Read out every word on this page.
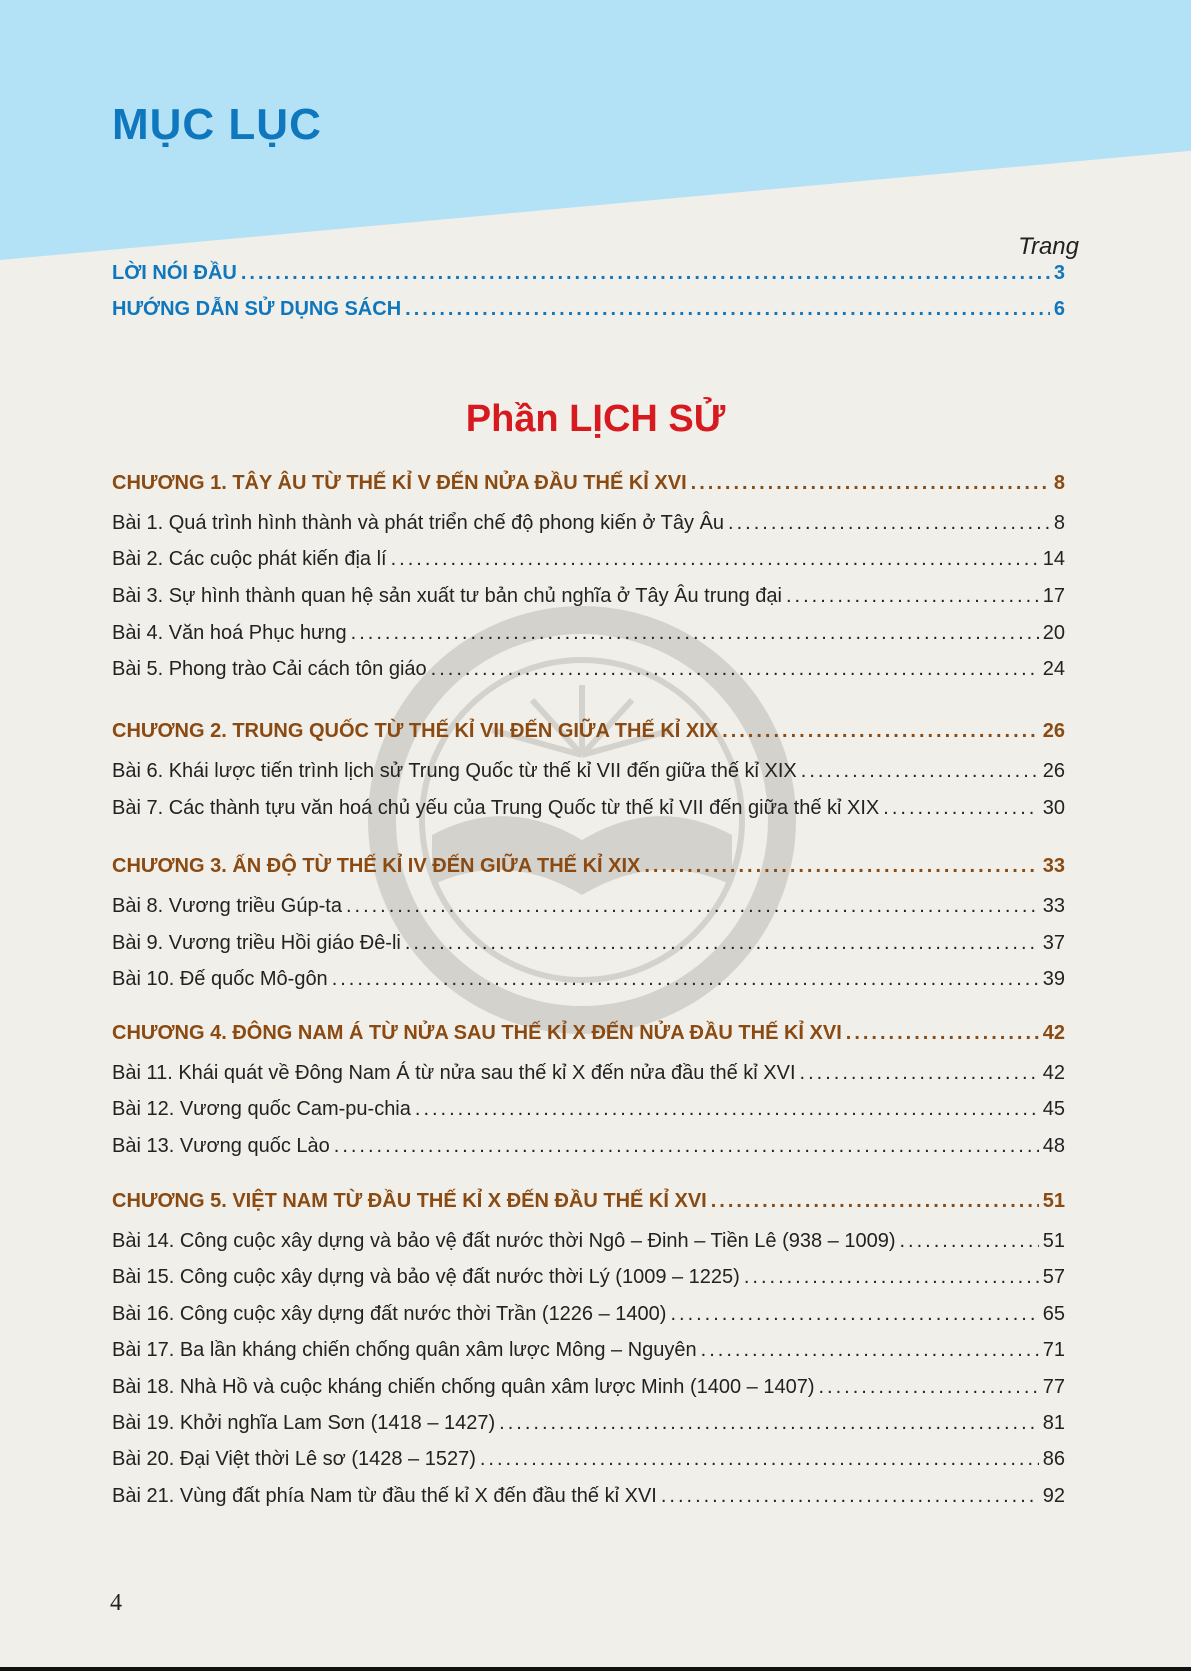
MỤC LỤC
Trang
LỜI NÓI ĐẦU .....	3
HƯỚNG DẪN SỬ DỤNG SÁCH .....	6
Phần LỊCH SỬ
CHƯƠNG 1. TÂY ÂU TỪ THẾ KỈ V ĐẾN NỬA ĐẦU THẾ KỈ XVI .....	8
Bài 1. Quá trình hình thành và phát triển chế độ phong kiến ở Tây Âu .....	8
Bài 2. Các cuộc phát kiến địa lí .....	14
Bài 3. Sự hình thành quan hệ sản xuất tư bản chủ nghĩa ở Tây Âu trung đại .....	17
Bài 4. Văn hoá Phục hưng .....	20
Bài 5. Phong trào Cải cách tôn giáo .....	24
CHƯƠNG 2. TRUNG QUỐC TỪ THẾ KỈ VII ĐẾN GIỮA THẾ KỈ XIX .....	26
Bài 6. Khái lược tiến trình lịch sử Trung Quốc từ thế kỉ VII đến giữa thế kỉ XIX .....	26
Bài 7. Các thành tựu văn hoá chủ yếu của Trung Quốc từ thế kỉ VII đến giữa thế kỉ XIX .....	30
CHƯƠNG 3. ẤN ĐỘ TỪ THẾ KỈ IV ĐẾN GIỮA THẾ KỈ XIX .....	33
Bài 8. Vương triều Gúp-ta .....	33
Bài 9. Vương triều Hồi giáo Đê-li .....	37
Bài 10. Đế quốc Mô-gôn .....	39
CHƯƠNG 4. ĐÔNG NAM Á TỪ NỬA SAU THẾ KỈ X ĐẾN NỬA ĐẦU THẾ KỈ XVI .....	42
Bài 11. Khái quát về Đông Nam Á từ nửa sau thế kỉ X đến nửa đầu thế kỉ XVI .....	42
Bài 12. Vương quốc Cam-pu-chia .....	45
Bài 13. Vương quốc Lào .....	48
CHƯƠNG 5. VIỆT NAM TỪ ĐẦU THẾ KỈ X ĐẾN ĐẦU THẾ KỈ XVI .....	51
Bài 14. Công cuộc xây dựng và bảo vệ đất nước thời Ngô – Đinh – Tiền Lê (938 – 1009) .....	51
Bài 15. Công cuộc xây dựng và bảo vệ đất nước thời Lý (1009 – 1225) .....	57
Bài 16. Công cuộc xây dựng đất nước thời Trần (1226 – 1400) .....	65
Bài 17. Ba lần kháng chiến chống quân xâm lược Mông – Nguyên .....	71
Bài 18. Nhà Hồ và cuộc kháng chiến chống quân xâm lược Minh (1400 – 1407) .....	77
Bài 19. Khởi nghĩa Lam Sơn (1418 – 1427) .....	81
Bài 20. Đại Việt thời Lê sơ (1428 – 1527) .....	86
Bài 21. Vùng đất phía Nam từ đầu thế kỉ X đến đầu thế kỉ XVI .....	92
4
